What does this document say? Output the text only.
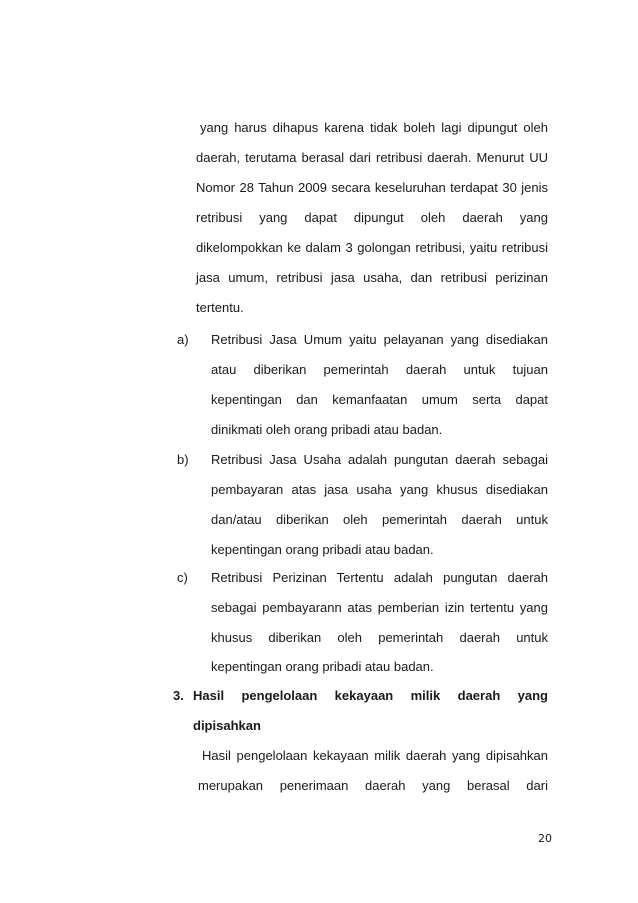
yang harus dihapus karena tidak boleh lagi dipungut oleh
daerah, terutama berasal dari retribusi daerah. Menurut UU
Nomor 28 Tahun 2009 secara keseluruhan terdapat 30 jenis
retribusi yang dapat dipungut oleh daerah yang
dikelompokkan ke dalam 3 golongan retribusi, yaitu retribusi
jasa umum, retribusi jasa usaha, dan retribusi perizinan
tertentu.
a) Retribusi Jasa Umum yaitu pelayanan yang disediakan
atau diberikan pemerintah daerah untuk tujuan
kepentingan dan kemanfaatan umum serta dapat
dinikmati oleh orang pribadi atau badan.
b) Retribusi Jasa Usaha adalah pungutan daerah sebagai
pembayaran atas jasa usaha yang khusus disediakan
dan/atau diberikan oleh pemerintah daerah untuk
kepentingan orang pribadi atau badan.
c) Retribusi Perizinan Tertentu adalah pungutan daerah
sebagai pembayarann atas pemberian izin tertentu yang
khusus diberikan oleh pemerintah daerah untuk
kepentingan orang pribadi atau badan.
3. Hasil pengelolaan kekayaan milik daerah yang
dipisahkan
Hasil pengelolaan kekayaan milik daerah yang dipisahkan
merupakan penerimaan daerah yang berasal dari
20
